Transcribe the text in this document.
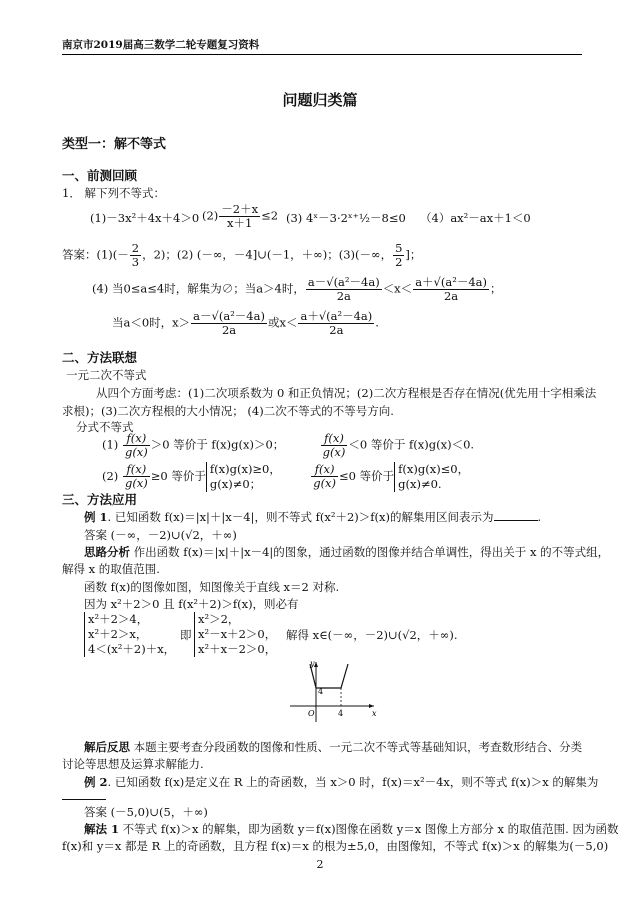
南京市2019届高三数学二轮专题复习资料
问题归类篇
类型一：解不等式
一、前测回顾
1． 解下列不等式：
(1)－3x²＋4x＋4＞0 $(2) \frac{-2+x}{x+1} \le 2$ (3) 4ˣ－3·2ˣ⁺½－8≤0 （4）ax²－ax＋1＜0
答案：$(1)(- \frac{2}{3}$ ，2)；(2) (－∞，－4]∪(－1，＋∞)；(3)(－∞， $\frac{5}{2}$ ]；
(4) 当0≤a≤4时，解集为∅；当a＞4时， $\frac{\text{a－√(a²－4a)}}{2a} <x< \frac{\text{a＋√(a²－4a)}}{2a}$ ；
当a＜0时，$x> \frac{\text{a－√(a²－4a)}}{2a}$ 或$x< \frac{\text{a＋√(a²－4a)}}{2a}$ .
二、方法联想
一元二次不等式
从四个方面考虑：(1)二次项系数为 0 和正负情况；(2)二次方程根是否存在情况(优先用十字相乘法
求根)；(3)二次方程根的大小情况； (4)二次不等式的不等号方向.
分式不等式
$(1) \frac{f(x)}{g(x)} >0$ 等价于 f(x)g(x)＞0；	$\frac{f(x)}{g(x)} <0$ 等价于 f(x)g(x)＜0.
$(2) \frac{f(x)}{g(x)} \ge 0$ 等价于 f(x)g(x)≥0，
g(x)≠0；
	$\frac{f(x)}{g(x)} \le 0$ 等价于 f(x)g(x)≤0，
g(x)≠0.
三、方法应用
例 1. 已知函数 f(x)＝|x|＋|x－4|，则不等式 f(x²＋2)＞f(x)的解集用区间表示为	.
答案 (－∞，－2)∪(√2，＋∞)
思路分析 作出函数 f(x)＝|x|＋|x－4|的图象，通过函数的图像并结合单调性，得出关于 x 的不等式组，
解得 x 的取值范围.
函数 f(x)的图像如图，知图像关于直线 x＝2 对称.
因为 x²＋2＞0 且 f(x²＋2)＞f(x)，则必有
x²＋2＞4，
x²＋2＞x，
4＜(x²＋2)＋x，
即
x²＞2，
x²－x＋2＞0，
x²＋x－2＞0，
解得 x∈(－∞，－2)∪(√2，＋∞).
y
x
O
4
4
解后反思 本题主要考查分段函数的图像和性质、一元二次不等式等基础知识，考查数形结合、分类
讨论等思想及运算求解能力.
例 2. 已知函数 f(x)是定义在 R 上的奇函数，当 x＞0 时，f(x)＝x²－4x，则不等式 f(x)＞x 的解集为
答案 (－5,0)∪(5，＋∞)
解法 1 不等式 f(x)＞x 的解集，即为函数 y＝f(x)图像在函数 y＝x 图像上方部分 x 的取值范围. 因为函数
f(x)和 y＝x 都是 R 上的奇函数，且方程 f(x)＝x 的根为±5,0，由图像知，不等式 f(x)＞x 的解集为(－5,0)
2
